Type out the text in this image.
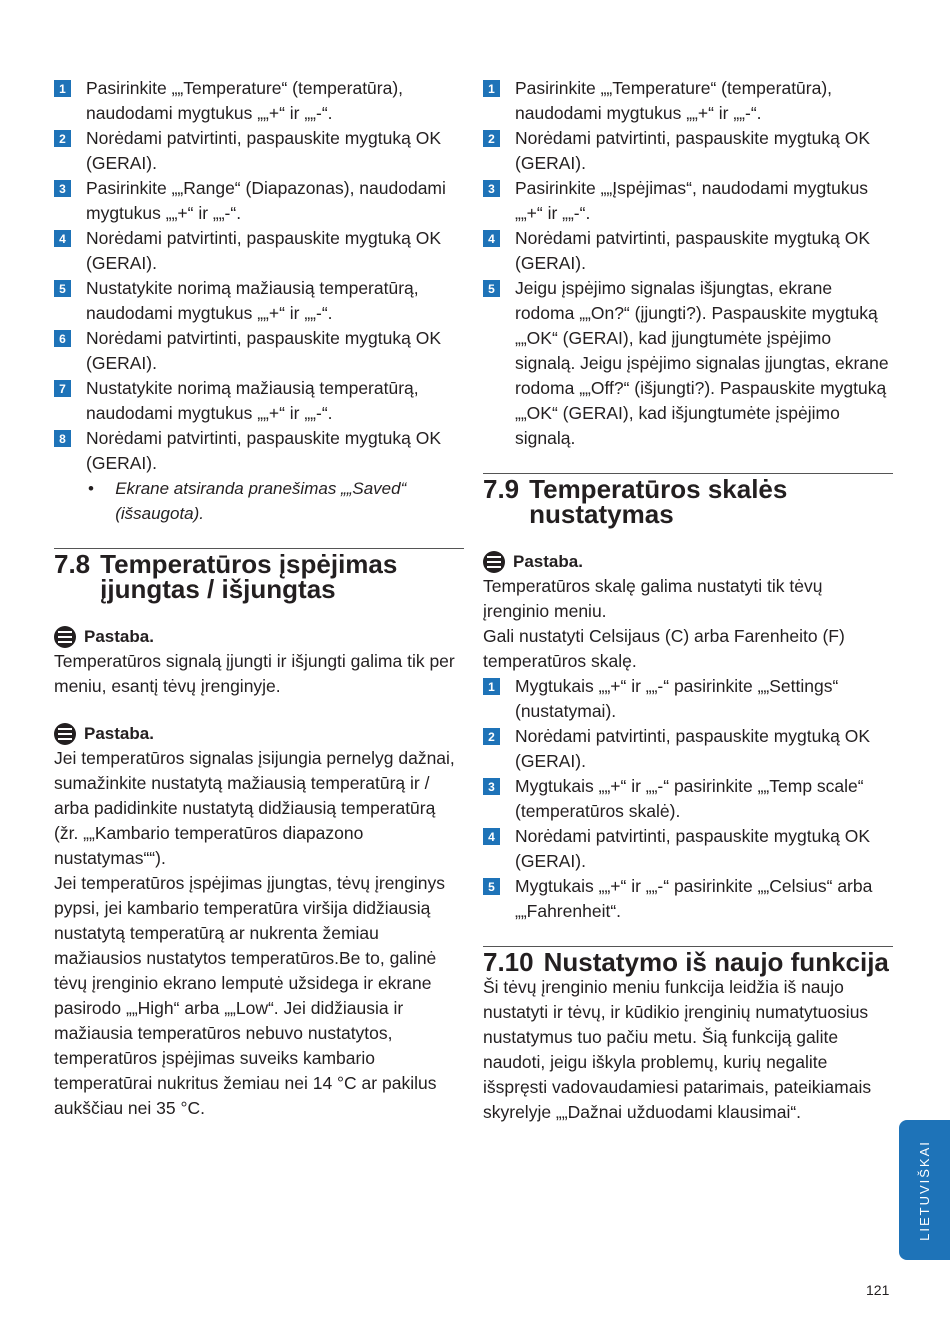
1 Pasirinkite „„Temperature“ (temperatūra), naudodami mygtukus „„+“ ir „„-“.
2 Norėdami patvirtinti, paspauskite mygtuką OK (GERAI).
3 Pasirinkite „„Range“ (Diapazonas), naudodami mygtukus „„+“ ir „„-“.
4 Norėdami patvirtinti, paspauskite mygtuką OK (GERAI).
5 Nustatykite norimą mažiausią temperatūrą, naudodami mygtukus „„+“ ir „„-“.
6 Norėdami patvirtinti, paspauskite mygtuką OK (GERAI).
7 Nustatykite norimą mažiausią temperatūrą, naudodami mygtukus „„+“ ir „„-“.
8 Norėdami patvirtinti, paspauskite mygtuką OK (GERAI).
•	Ekrane atsiranda pranešimas „„Saved“ (išsaugota).
7.8 Temperatūros įspėjimas įjungtas / išjungtas
Pastaba.
Temperatūros signalą įjungti ir išjungti galima tik per meniu, esantį tėvų įrenginyje.
Pastaba.
Jei temperatūros signalas įsijungia pernelyg dažnai, sumažinkite nustatytą mažiausią temperatūrą ir / arba padidinkite nustatytą didžiausią temperatūrą (žr. „„Kambario temperatūros diapazono nustatymas““).
Jei temperatūros įspėjimas įjungtas, tėvų įrenginys pypsi, jei kambario temperatūra viršija didžiausią nustatytą temperatūrą ar nukrenta žemiau mažiausios nustatytos temperatūros.Be to, galinė tėvų įrenginio ekrano lemputė užsidega ir ekrane pasirodo „„High“ arba „„Low“. Jei didžiausia ir mažiausia temperatūros nebuvo nustatytos, temperatūros įspėjimas suveiks kambario temperatūrai nukritus žemiau nei 14 °C ar pakilus aukščiau nei 35 °C.
1 Pasirinkite „„Temperature“ (temperatūra), naudodami mygtukus „„+“ ir „„-“.
2 Norėdami patvirtinti, paspauskite mygtuką OK (GERAI).
3 Pasirinkite „„Įspėjimas“, naudodami mygtukus „„+“ ir „„-“.
4 Norėdami patvirtinti, paspauskite mygtuką OK (GERAI).
5 Jeigu įspėjimo signalas išjungtas, ekrane rodoma „„On?“ (įjungti?). Paspauskite mygtuką „„OK“ (GERAI), kad įjungtumėte įspėjimo signalą. Jeigu įspėjimo signalas įjungtas, ekrane rodoma „„Off?“ (išjungti?). Paspauskite mygtuką „„OK“ (GERAI), kad išjungtumėte įspėjimo signalą.
7.9 Temperatūros skalės nustatymas
Pastaba.
Temperatūros skalę galima nustatyti tik tėvų įrenginio meniu.
Gali nustatyti Celsijaus (C) arba Farenheito (F) temperatūros skalę.
1 Mygtukais „„+“ ir „„-“ pasirinkite „„Settings“ (nustatymai).
2 Norėdami patvirtinti, paspauskite mygtuką OK (GERAI).
3 Mygtukais „„+“ ir „„-“ pasirinkite „„Temp scale“ (temperatūros skalė).
4 Norėdami patvirtinti, paspauskite mygtuką OK (GERAI).
5 Mygtukais „„+“ ir „„-“ pasirinkite „„Celsius“ arba „„Fahrenheit“.
7.10 Nustatymo iš naujo funkcija
Ši tėvų įrenginio meniu funkcija leidžia iš naujo nustatyti ir tėvų, ir kūdikio įrenginių numatytuosius nustatymus tuo pačiu metu. Šią funkciją galite naudoti, jeigu iškyla problemų, kurių negalite išspręsti vadovaudamiesi patarimais, pateikiamais skyrelyje „„Dažnai užduodami klausimai“.
LIETUVIŠKAI
121
